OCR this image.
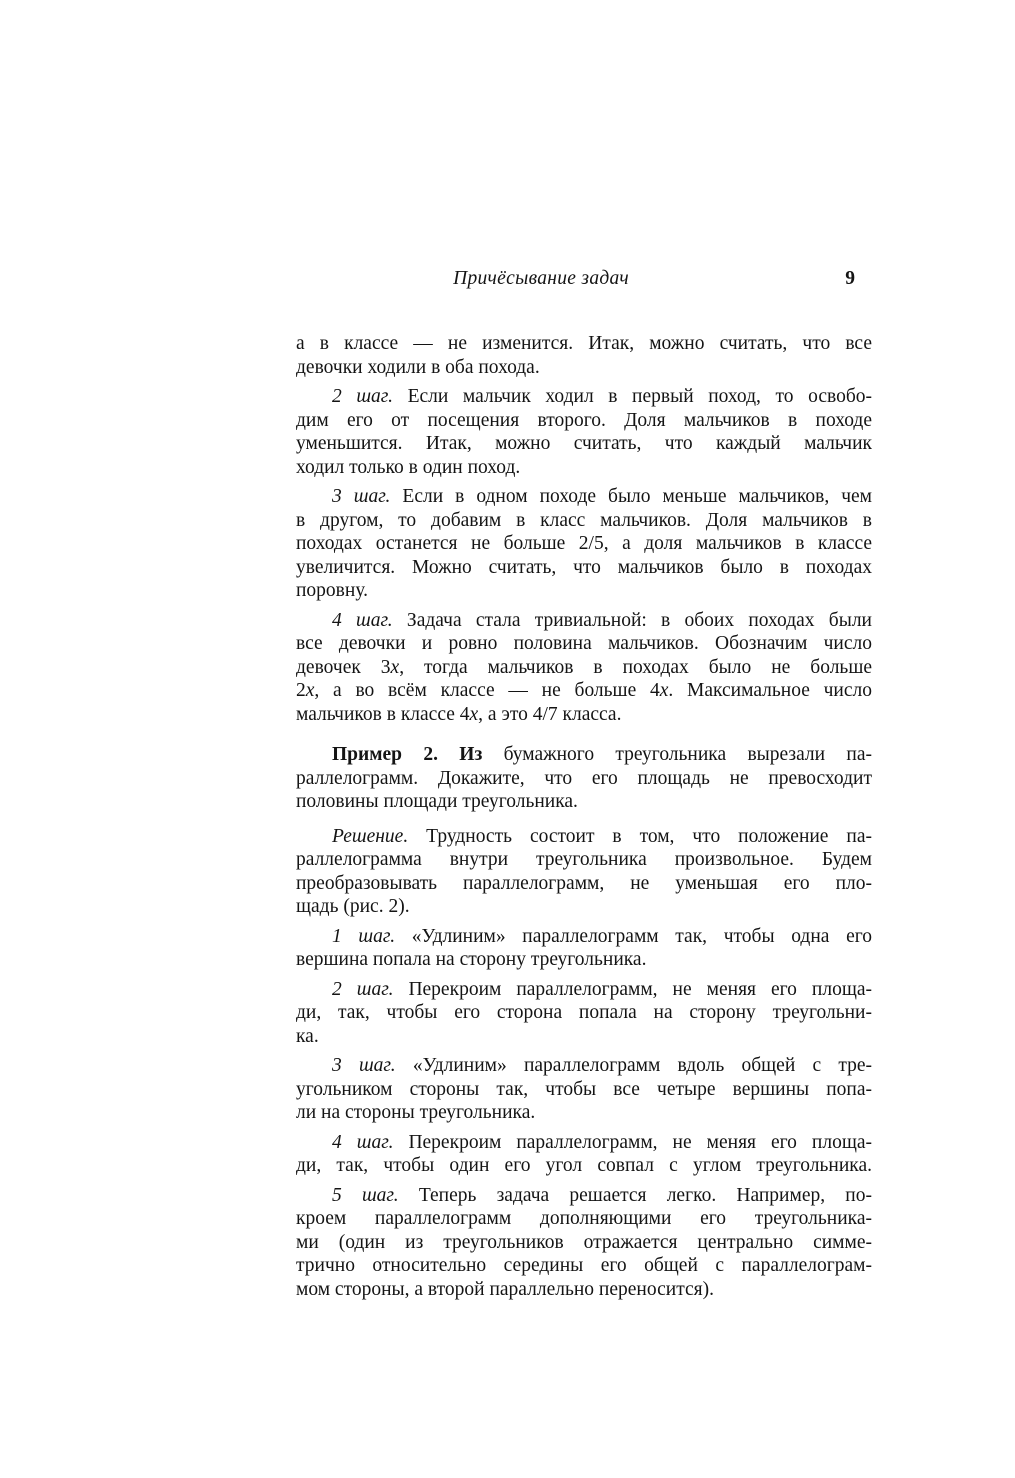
Причёсывание задач	9
а в классе — не изменится. Итак, можно считать, что все
девочки ходили в оба похода.
2 шаг. Если мальчик ходил в первый поход, то освобо-
дим его от посещения второго. Доля мальчиков в походе
уменьшится. Итак, можно считать, что каждый мальчик
ходил только в один поход.
3 шаг. Если в одном походе было меньше мальчиков, чем
в другом, то добавим в класс мальчиков. Доля мальчиков в
походах останется не больше 2/5, а доля мальчиков в классе
увеличится. Можно считать, что мальчиков было в походах
поровну.
4 шаг. Задача стала тривиальной: в обоих походах были
все девочки и ровно половина мальчиков. Обозначим число
девочек 3x, тогда мальчиков в походах было не больше
2x, а во всём классе — не больше 4x. Максимальное число
мальчиков в классе 4x, а это 4/7 класса.
Пример 2. Из бумажного треугольника вырезали па-
раллелограмм. Докажите, что его площадь не превосходит
половины площади треугольника.
Решение. Трудность состоит в том, что положение па-
раллелограмма внутри треугольника произвольное. Будем
преобразовывать параллелограмм, не уменьшая его пло-
щадь (рис. 2).
1 шаг. «Удлиним» параллелограмм так, чтобы одна его
вершина попала на сторону треугольника.
2 шаг. Перекроим параллелограмм, не меняя его площа-
ди, так, чтобы его сторона попала на сторону треугольни-
ка.
3 шаг. «Удлиним» параллелограмм вдоль общей с тре-
угольником стороны так, чтобы все четыре вершины попа-
ли на стороны треугольника.
4 шаг. Перекроим параллелограмм, не меняя его площа-
ди, так, чтобы один его угол совпал с углом треугольника.
5 шаг. Теперь задача решается легко. Например, по-
кроем параллелограмм дополняющими его треугольника-
ми (один из треугольников отражается центрально симме-
трично относительно середины его общей с параллелограм-
мом стороны, а второй параллельно переносится).
